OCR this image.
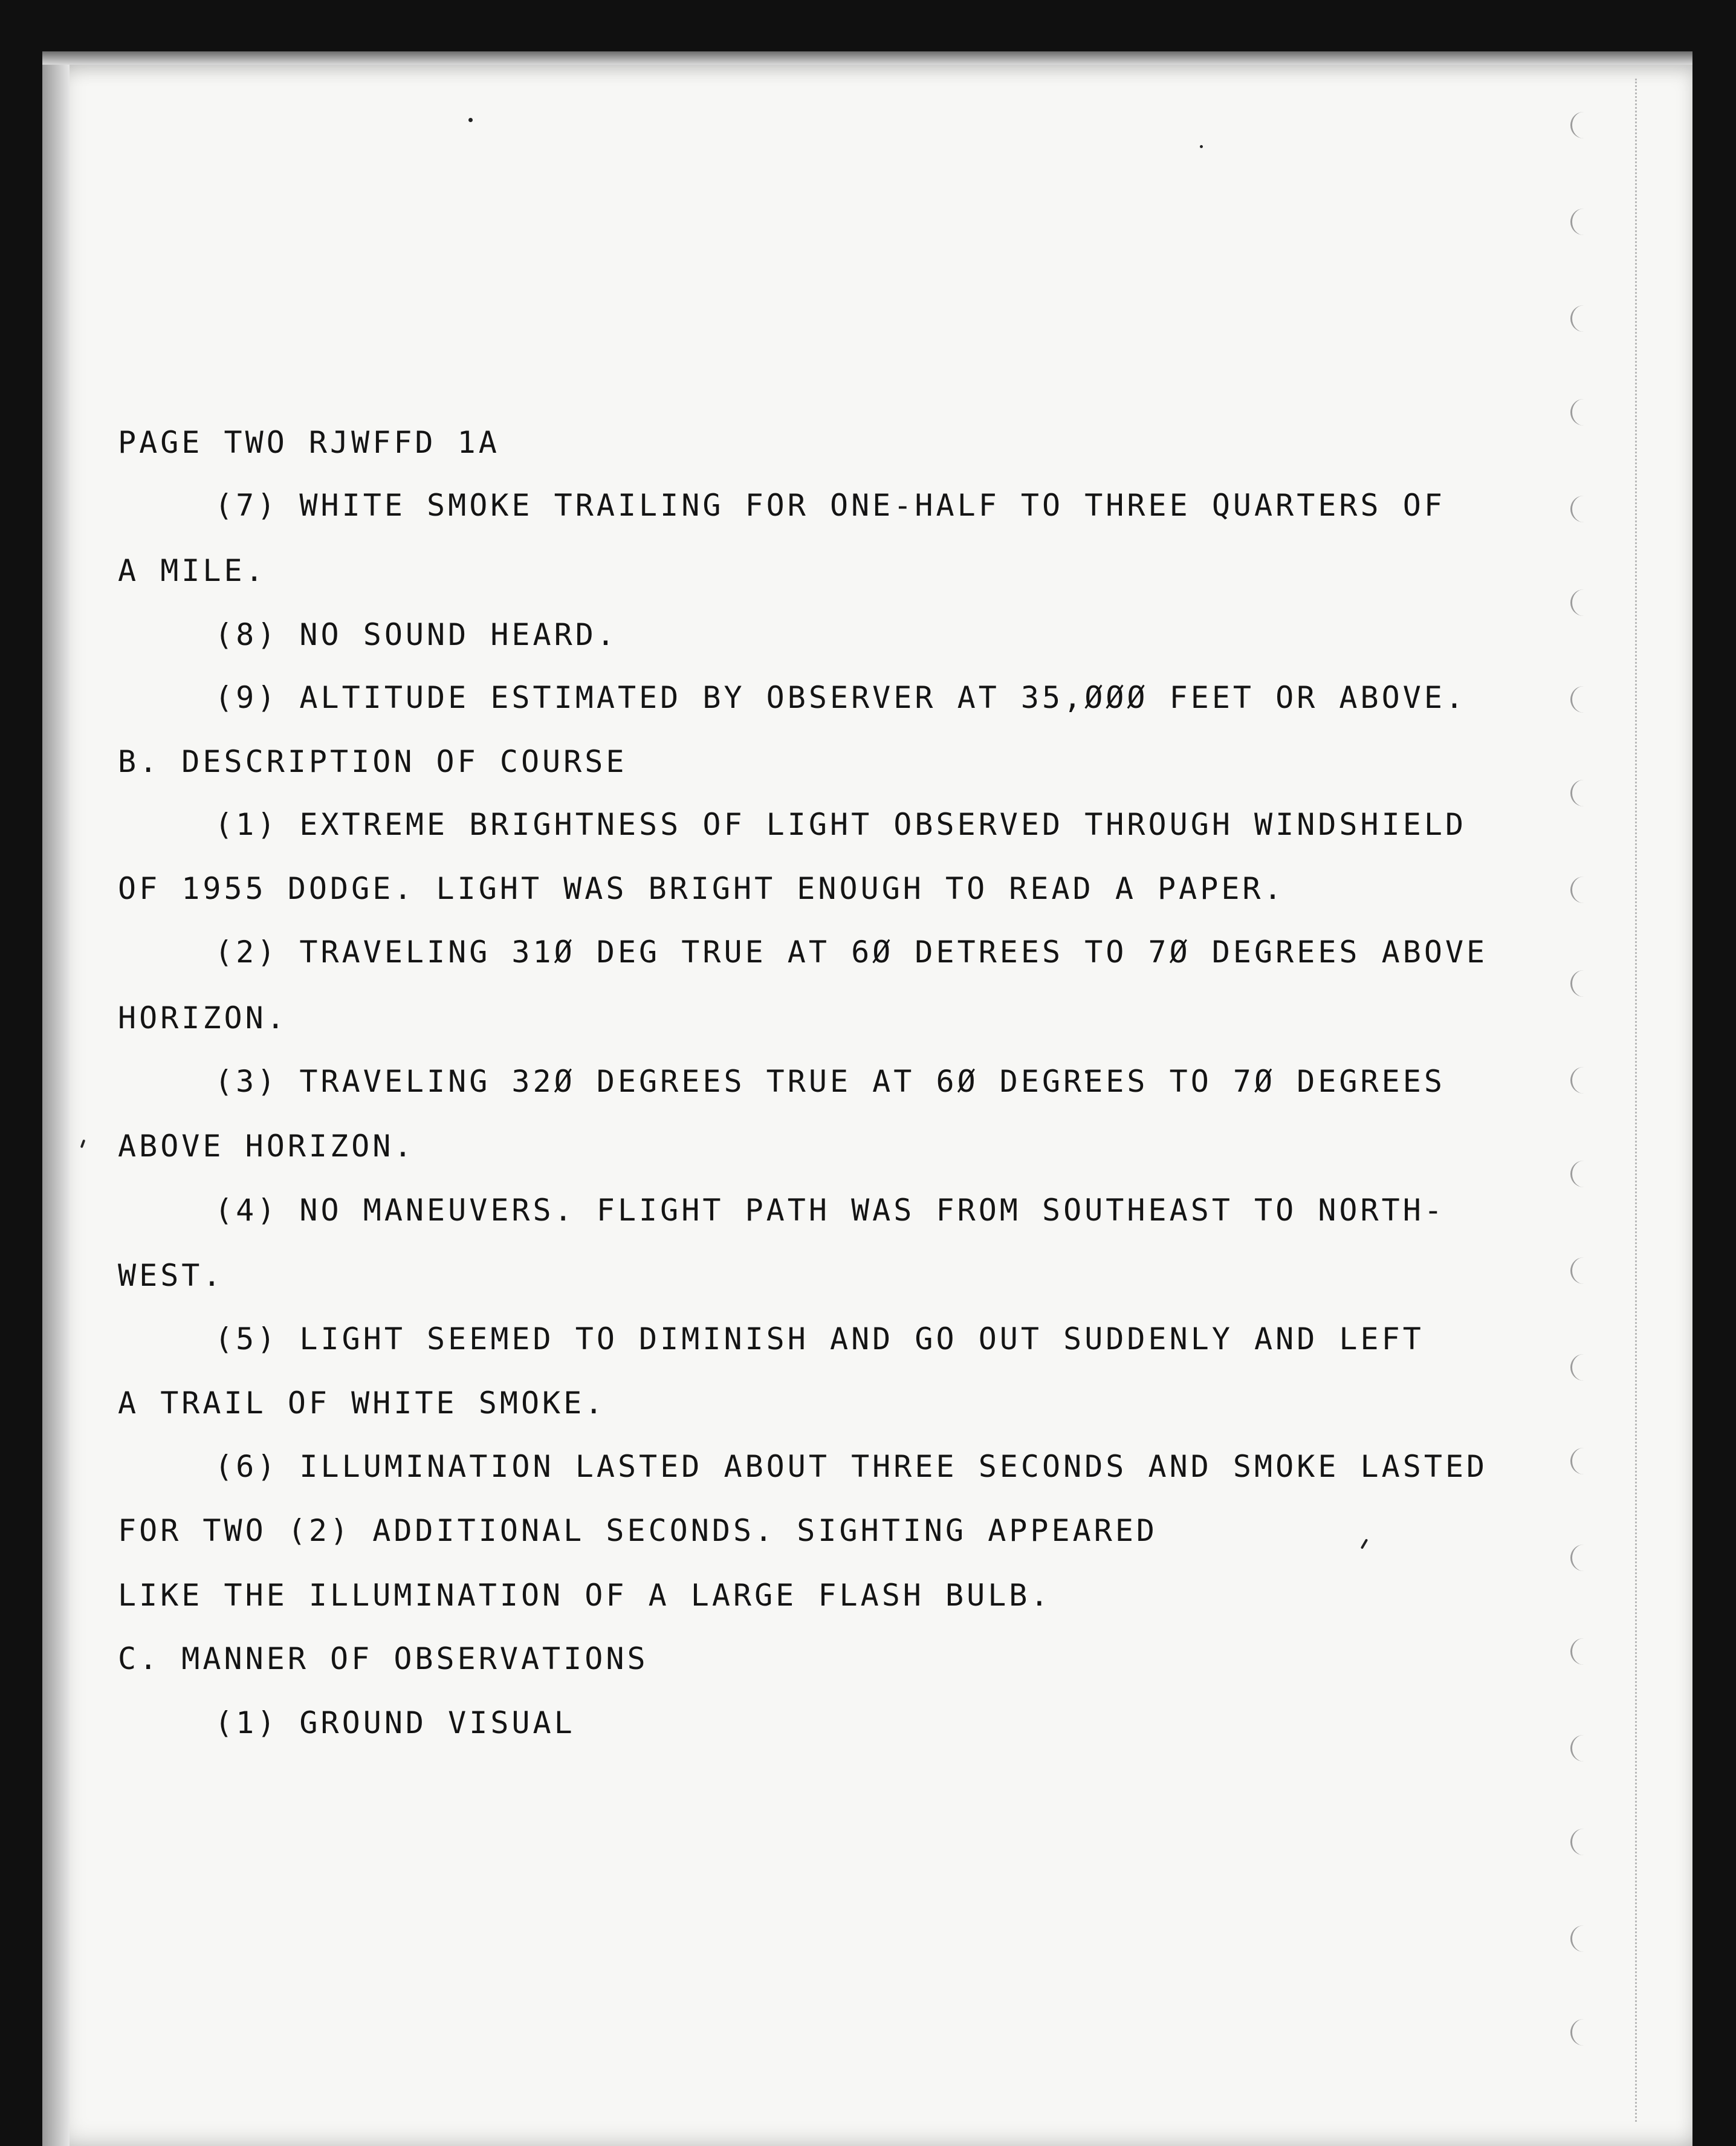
PAGE TWO RJWFFD 1A
(7) WHITE SMOKE TRAILING FOR ONE-HALF TO THREE QUARTERS OF
A MILE.
(8) NO SOUND HEARD.
(9) ALTITUDE ESTIMATED BY OBSERVER AT 35,ØØØ FEET OR ABOVE.
B. DESCRIPTION OF COURSE
(1) EXTREME BRIGHTNESS OF LIGHT OBSERVED THROUGH WINDSHIELD
OF 1955 DODGE. LIGHT WAS BRIGHT ENOUGH TO READ A PAPER.
(2) TRAVELING 31Ø DEG TRUE AT 6Ø DETREES TO 7Ø DEGREES ABOVE
HORIZON.
(3) TRAVELING 32Ø DEGREES TRUE AT 6Ø DEGREES TO 7Ø DEGREES
ABOVE HORIZON.
(4) NO MANEUVERS. FLIGHT PATH WAS FROM SOUTHEAST TO NORTH-
WEST.
(5) LIGHT SEEMED TO DIMINISH AND GO OUT SUDDENLY AND LEFT
A TRAIL OF WHITE SMOKE.
(6) ILLUMINATION LASTED ABOUT THREE SECONDS AND SMOKE LASTED
FOR TWO (2) ADDITIONAL SECONDS. SIGHTING APPEARED
LIKE THE ILLUMINATION OF A LARGE FLASH BULB.
C. MANNER OF OBSERVATIONS
(1) GROUND VISUAL
